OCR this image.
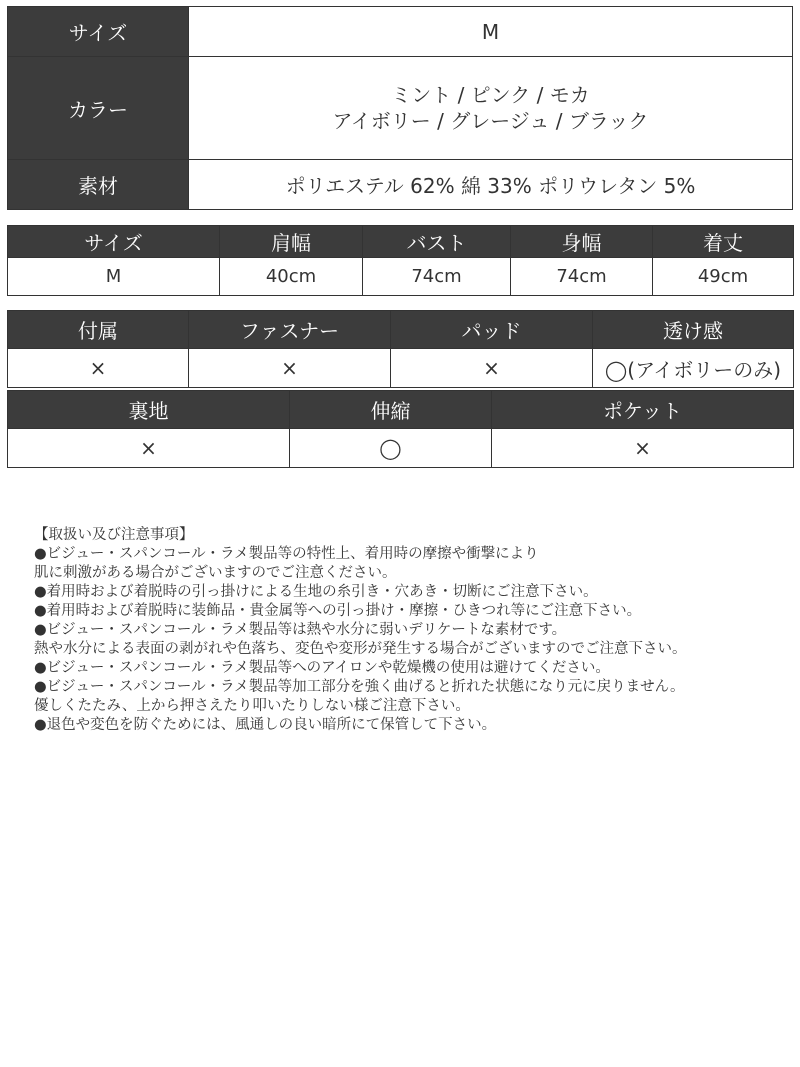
サイズ	M
カラー	ミント / ピンク / モカ
アイボリー / グレージュ / ブラック

素材	ポリエステル 62% 綿 33% ポリウレタン 5%
サイズ	肩幅	バスト	身幅	着丈
M	40cm	74cm	74cm	49cm
付属	ファスナー	パッド	透け感
×	×	×	◯(アイボリーのみ)
裏地	伸縮	ポケット
×	◯	×
【取扱い及び注意事項】
●ビジュー・スパンコール・ラメ製品等の特性上、着用時の摩擦や衝撃により
肌に刺激がある場合がございますのでご注意ください。
●着用時および着脱時の引っ掛けによる生地の糸引き・穴あき・切断にご注意下さい。
●着用時および着脱時に装飾品・貴金属等への引っ掛け・摩擦・ひきつれ等にご注意下さい。
●ビジュー・スパンコール・ラメ製品等は熱や水分に弱いデリケートな素材です。
熱や水分による表面の剥がれや色落ち、変色や変形が発生する場合がございますのでご注意下さい。
●ビジュー・スパンコール・ラメ製品等へのアイロンや乾燥機の使用は避けてください。
●ビジュー・スパンコール・ラメ製品等加工部分を強く曲げると折れた状態になり元に戻りません。
優しくたたみ、上から押さえたり叩いたりしない様ご注意下さい。
●退色や変色を防ぐためには、風通しの良い暗所にて保管して下さい。
